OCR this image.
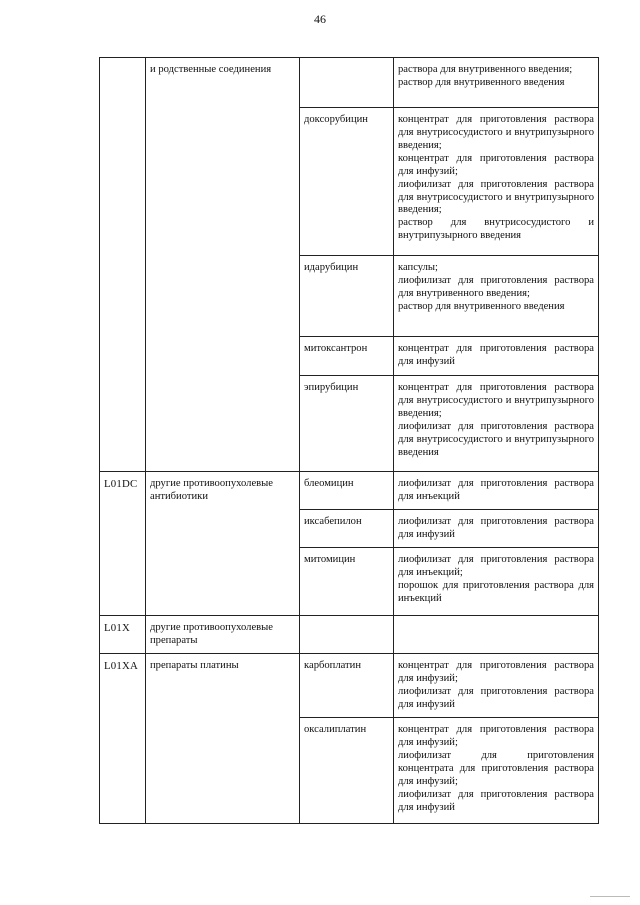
46
	и родственные соединения		раствора для внутривенного введения;
раствор для внутривенного введения

		доксорубицин	концентрат для приготовления раствора для внутрисосудистого и внутрипузырного введения;
концентрат для приготовления раствора для инфузий;
лиофилизат для приготовления раствора для внутрисосудистого и внутрипузырного введения;
раствор для внутрисосудистого и внутрипузырного введения

		идарубицин	капсулы;
лиофилизат для приготовления раствора для внутривенного введения;
раствор для внутривенного введения

		митоксантрон	концентрат для приготовления раствора для инфузий

		эпирубицин	концентрат для приготовления раствора для внутрисосудистого и внутрипузырного введения;
лиофилизат для приготовления раствора для внутрисосудистого и внутрипузырного введения

L01DC	другие противоопухолевые антибиотики	блеомицин	лиофилизат для приготовления раствора для инъекций

		иксабепилон	лиофилизат для приготовления раствора для инфузий

		митомицин	лиофилизат для приготовления раствора для инъекций;
порошок для приготовления раствора для инъекций

L01X	другие противоопухолевые препараты		
L01XA	препараты платины	карбоплатин	концентрат для приготовления раствора для инфузий;
лиофилизат для приготовления раствора для инфузий

		оксалиплатин	концентрат для приготовления раствора для инфузий;
лиофилизат для приготовления концентрата для приготовления раствора для инфузий;
лиофилизат для приготовления раствора для инфузий
